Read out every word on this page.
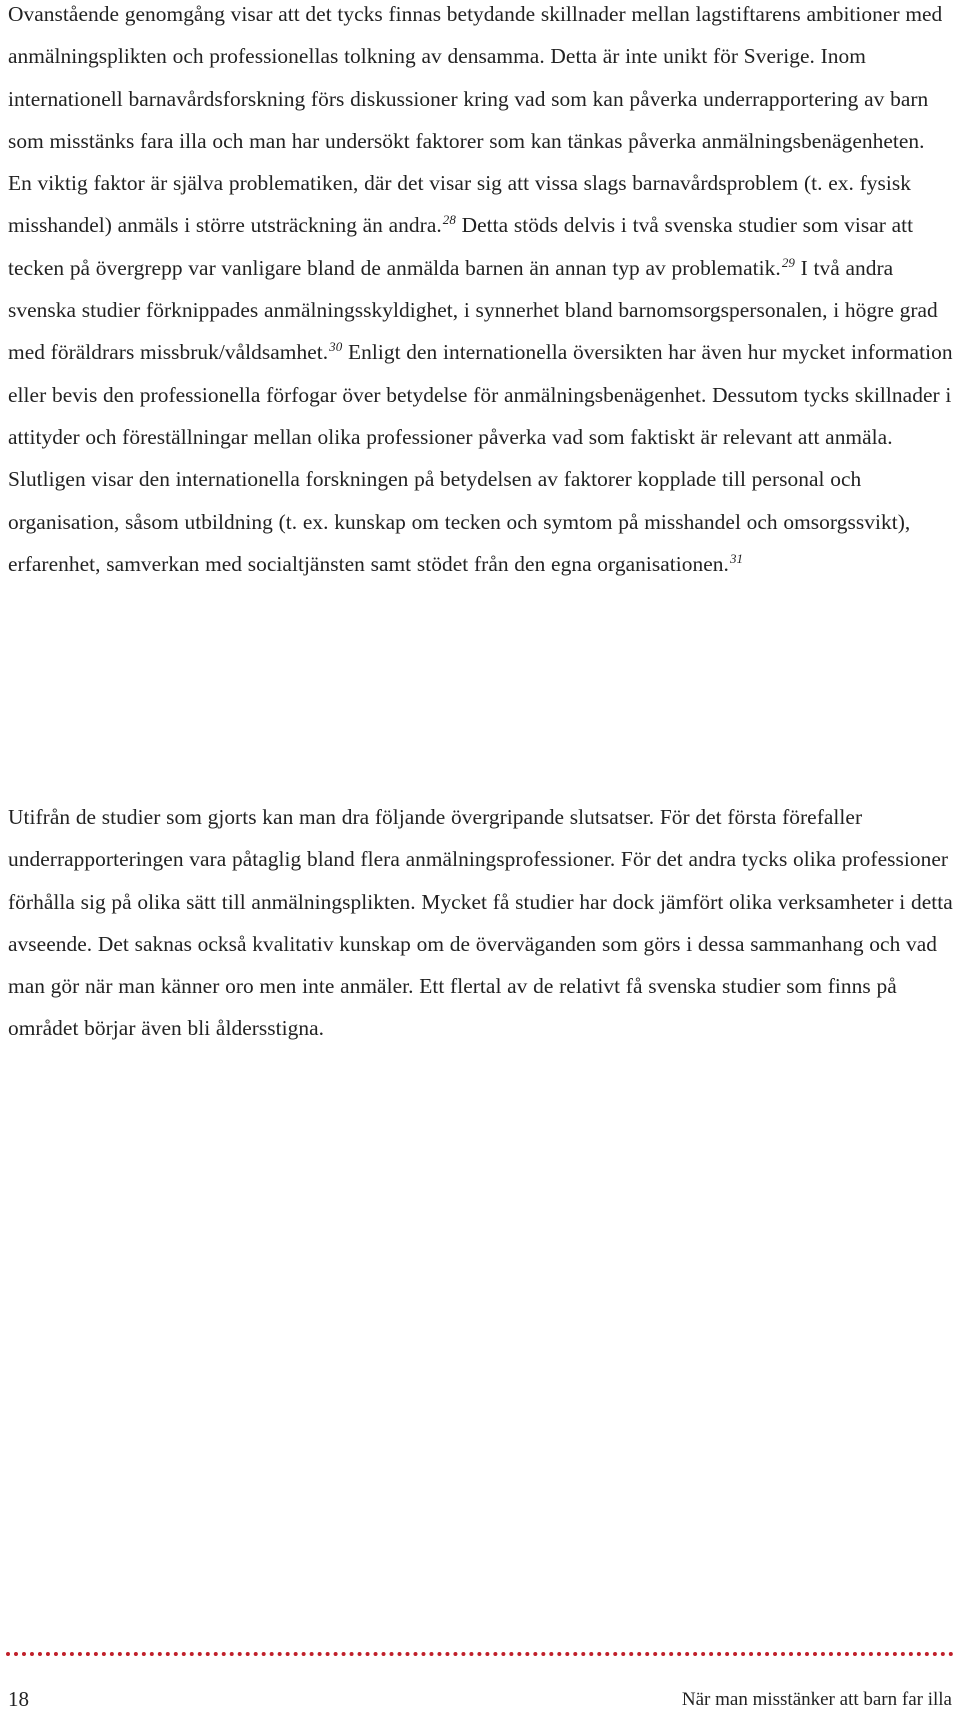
Ovanstående genomgång visar att det tycks finnas betydande skillnader mellan lagstiftarens ambitioner med anmälningsplikten och professionellas tolkning av densamma. Detta är inte unikt för Sverige. Inom internationell barnavårdsforskning förs diskussioner kring vad som kan påverka underrapportering av barn som misstänks fara illa och man har undersökt faktorer som kan tänkas påverka anmälningsbenägenheten. En viktig faktor är själva problematiken, där det visar sig att vissa slags barnavårdsproblem (t. ex. fysisk misshandel) anmäls i större utsträckning än andra.$^{28}$ Detta stöds delvis i två svenska studier som visar att tecken på övergrepp var vanligare bland de anmälda barnen än annan typ av problematik.$^{29}$ I två andra svenska studier förknippades anmälningsskyldighet, i synnerhet bland barnomsorgspersonalen, i högre grad med föräldrars missbruk/våldsamhet.$^{30}$ Enligt den internationella översikten har även hur mycket information eller bevis den professionella förfogar över betydelse för anmälningsbenägenhet. Dessutom tycks skillnader i attityder och föreställningar mellan olika professioner påverka vad som faktiskt är relevant att anmäla. Slutligen visar den internationella forskningen på betydelsen av faktorer kopplade till personal och organisation, såsom utbildning (t. ex. kunskap om tecken och symtom på misshandel och omsorgssvikt), erfarenhet, samverkan med socialtjänsten samt stödet från den egna organisationen.$^{31}$

Utifrån de studier som gjorts kan man dra följande övergripande slutsatser. För det första förefaller underrapporteringen vara påtaglig bland flera anmälningsprofessioner. För det andra tycks olika professioner förhålla sig på olika sätt till anmälningsplikten. Mycket få studier har dock jämfört olika verksamheter i detta avseende. Det saknas också kvalitativ kunskap om de överväganden som görs i dessa sammanhang och vad man gör när man känner oro men inte anmäler. Ett flertal av de relativt få svenska studier som finns på området börjar även bli åldersstigna.

18	När man misstänker att barn far illa
